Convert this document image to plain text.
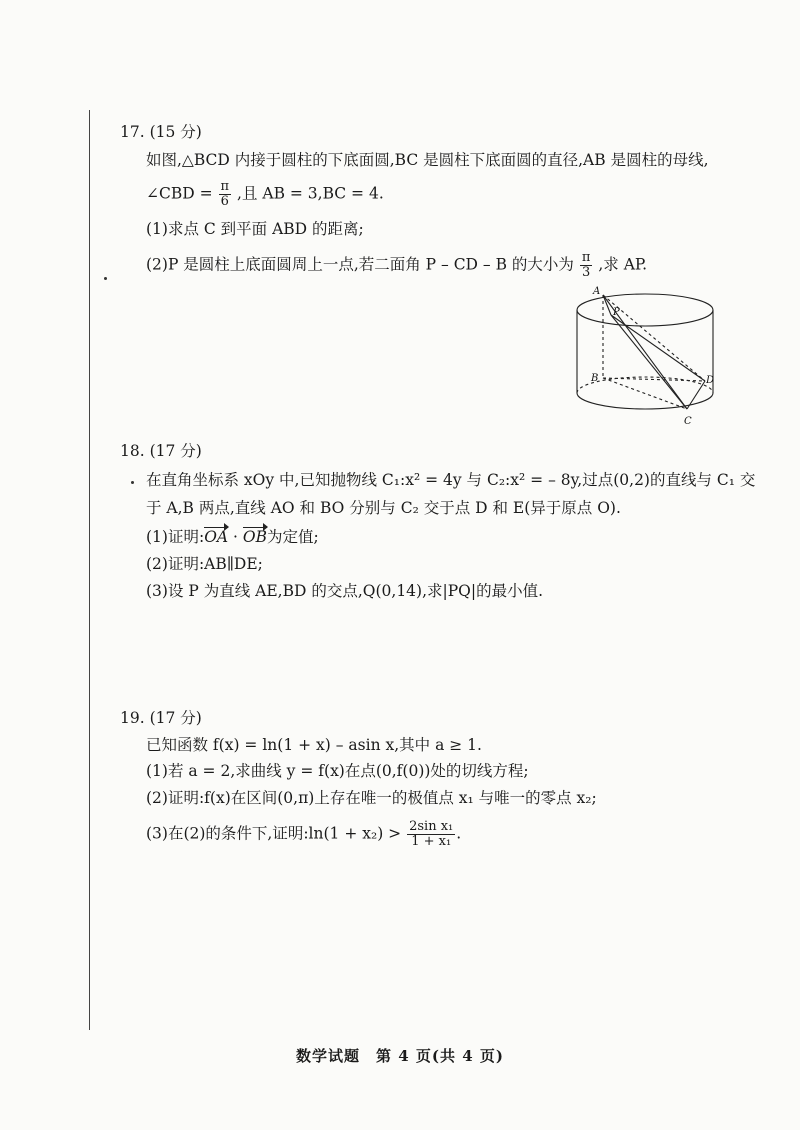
17. (15 分)
如图,△BCD 内接于圆柱的下底面圆,BC 是圆柱下底面圆的直径,AB 是圆柱的母线,
∠CBD = $\frac{\pi}{6}$ ,且 AB = 3,BC = 4.
(1)求点 C 到平面 ABD 的距离;
(2)P 是圆柱上底面圆周上一点,若二面角 P – CD – B 的大小为 $\frac{\pi}{3}$ ,求 AP.
A
P
B	D
C
18. (17 分)
在直角坐标系 xOy 中,已知抛物线 C₁:x² = 4y 与 C₂:x² = – 8y,过点(0,2)的直线与 C₁ 交
于 A,B 两点,直线 AO 和 BO 分别与 C₂ 交于点 D 和 E(异于原点 O).
(1)证明:OA · OB为定值;
(2)证明:AB∥DE;
(3)设 P 为直线 AE,BD 的交点,Q(0,14),求|PQ|的最小值.
19. (17 分)
已知函数 f(x) = ln(1 + x) – asin x,其中 a ≥ 1.
(1)若 a = 2,求曲线 y = f(x)在点(0,f(0))处的切线方程;
(2)证明:f(x)在区间(0,π)上存在唯一的极值点 x₁ 与唯一的零点 x₂;
(3)在(2)的条件下,证明:ln(1 + $x_2) > \frac{\text{2sin x₁}}{\text{1 + x₁}}$ .
数学试题　第 4 页(共 4 页)
